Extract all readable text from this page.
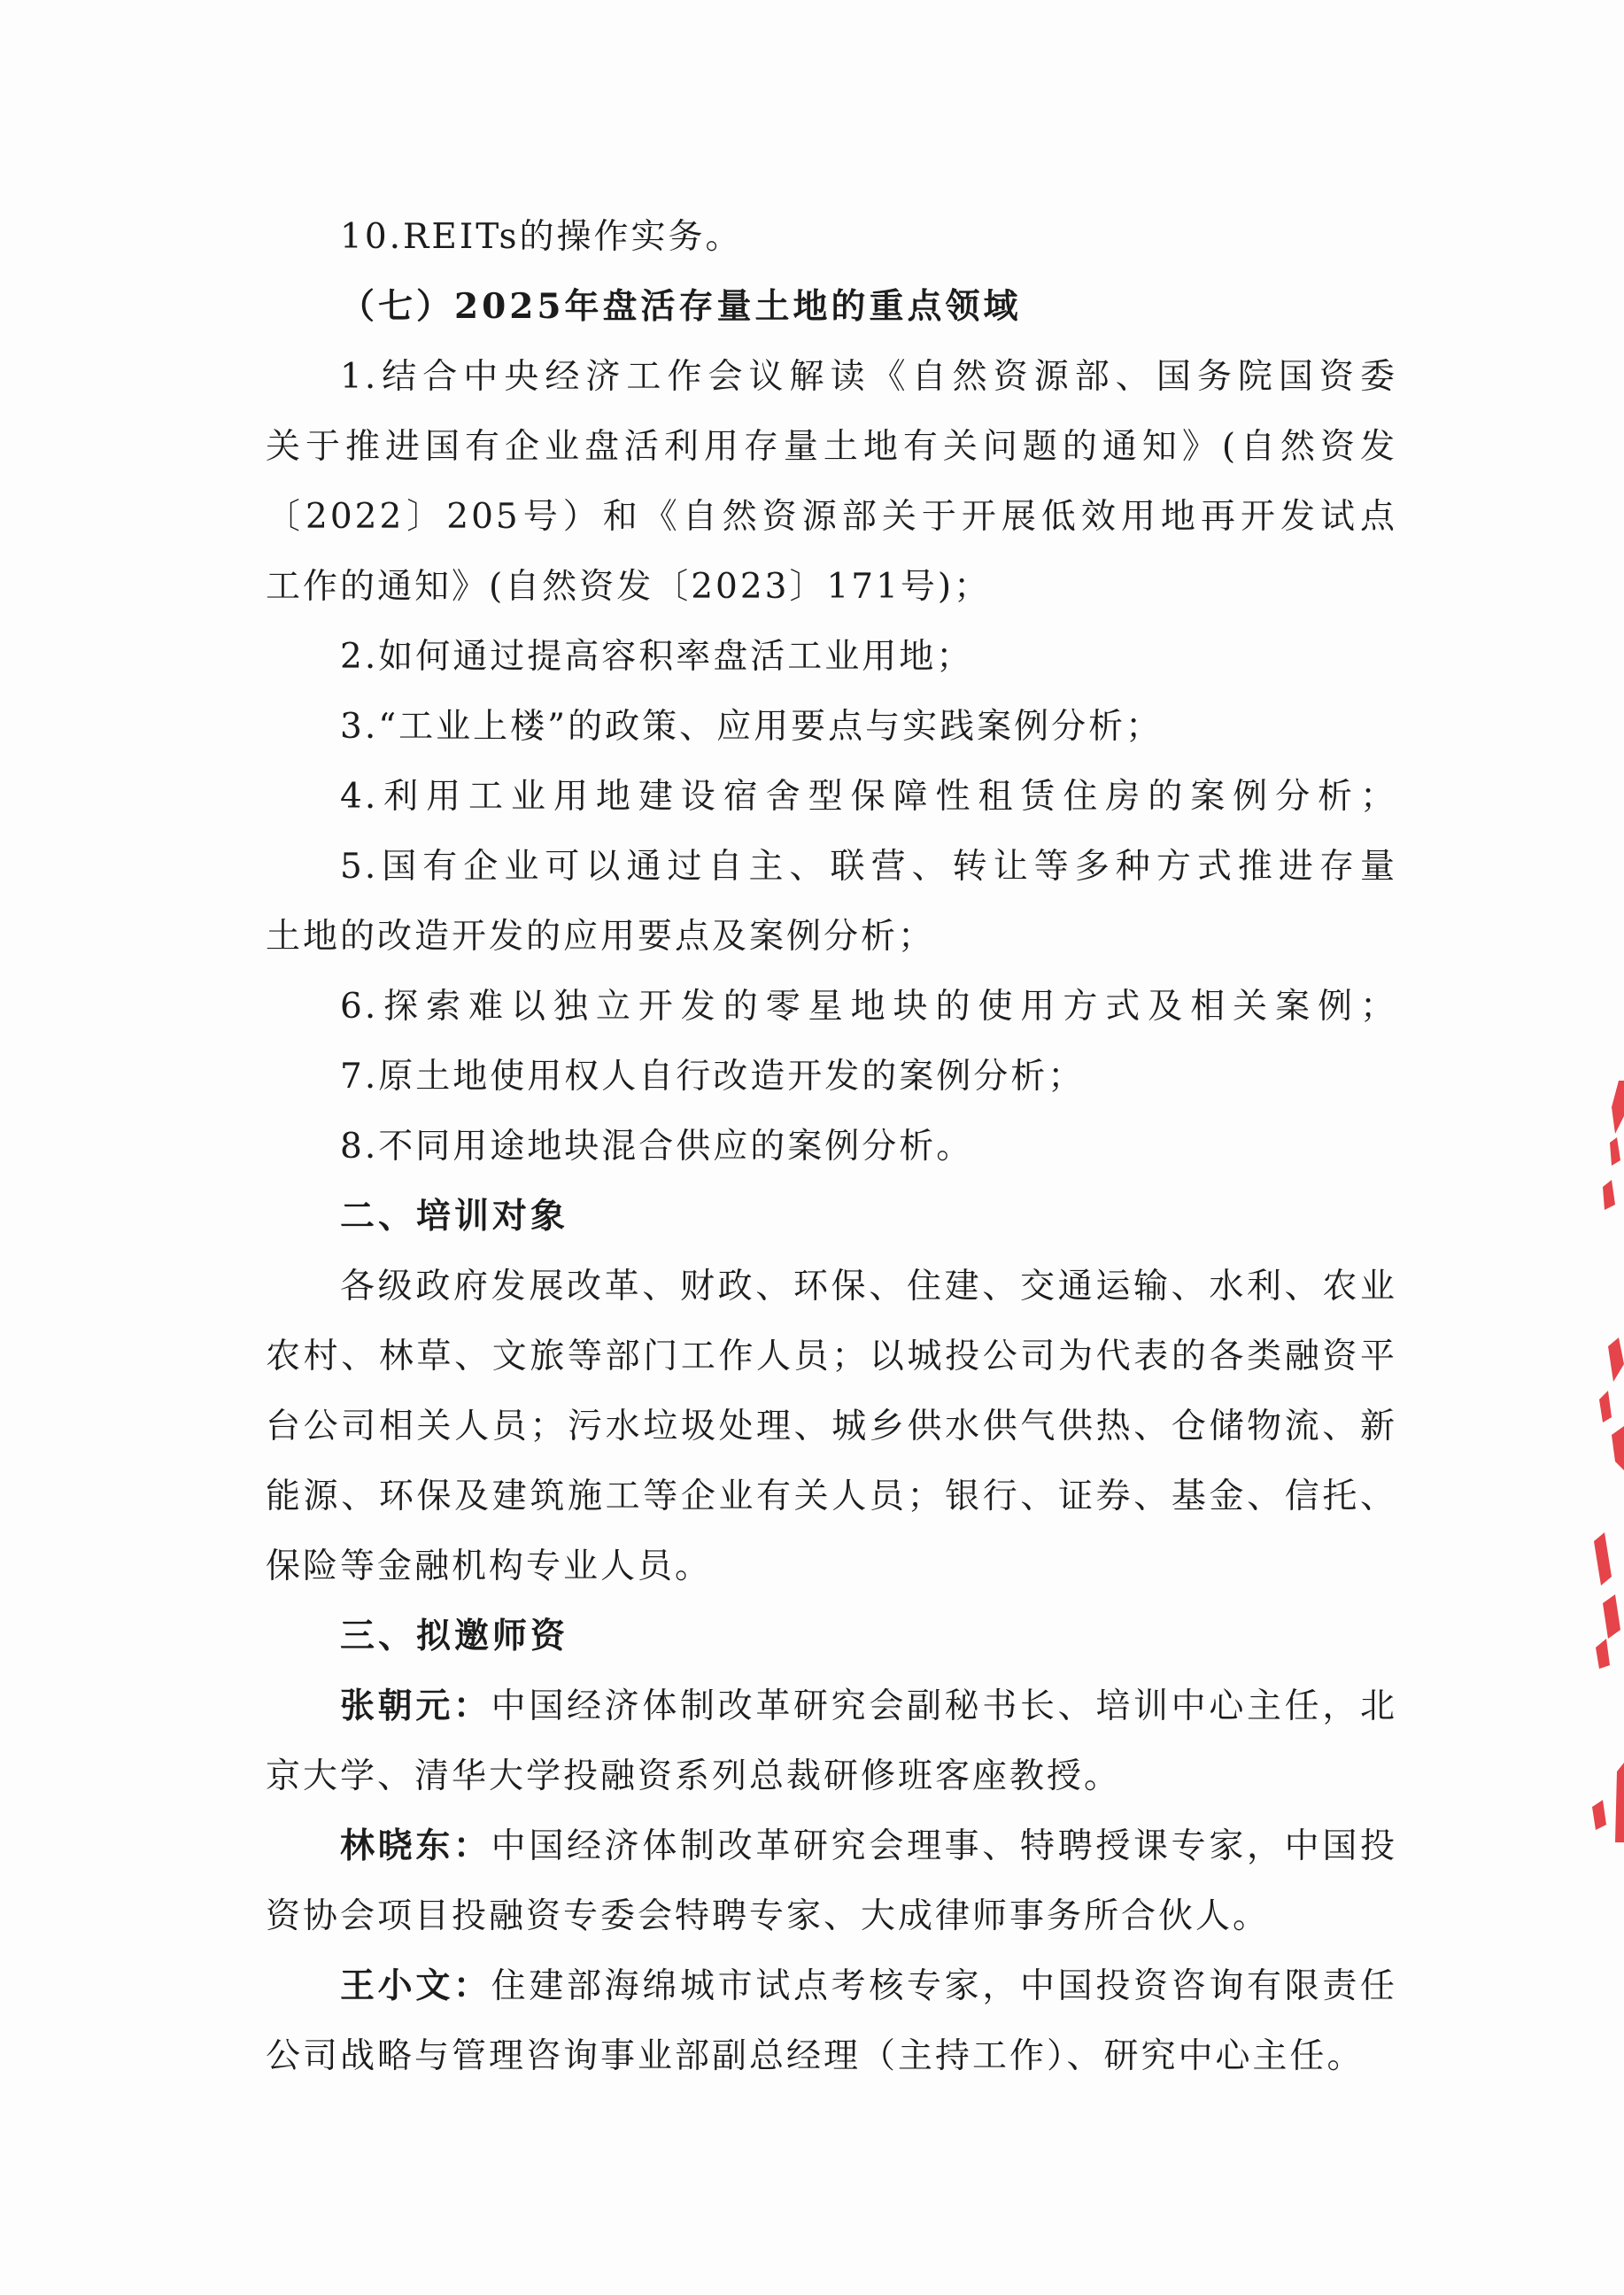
10.REITs的操作实务。
（七）2025年盘活存量土地的重点领域
1.结合中央经济工作会议解读《自然资源部、国务院国资委
关于推进国有企业盘活利用存量土地有关问题的通知》(自然资发
〔2022〕205号）和《自然资源部关于开展低效用地再开发试点
工作的通知》(自然资发〔2023〕171号)；
2.如何通过提高容积率盘活工业用地；
3.“工业上楼”的政策、应用要点与实践案例分析；
4.利用工业用地建设宿舍型保障性租赁住房的案例分析；
5.国有企业可以通过自主、联营、转让等多种方式推进存量
土地的改造开发的应用要点及案例分析；
6.探索难以独立开发的零星地块的使用方式及相关案例；
7.原土地使用权人自行改造开发的案例分析；
8.不同用途地块混合供应的案例分析。
二、培训对象
各级政府发展改革、财政、环保、住建、交通运输、水利、农业
农村、林草、文旅等部门工作人员；以城投公司为代表的各类融资平
台公司相关人员；污水垃圾处理、城乡供水供气供热、仓储物流、新
能源、环保及建筑施工等企业有关人员；银行、证券、基金、信托、
保险等金融机构专业人员。
三、拟邀师资
张朝元：中国经济体制改革研究会副秘书长、培训中心主任，北
京大学、清华大学投融资系列总裁研修班客座教授。
林晓东：中国经济体制改革研究会理事、特聘授课专家，中国投
资协会项目投融资专委会特聘专家、大成律师事务所合伙人。
王小文：住建部海绵城市试点考核专家，中国投资咨询有限责任
公司战略与管理咨询事业部副总经理（主持工作）、研究中心主任。
